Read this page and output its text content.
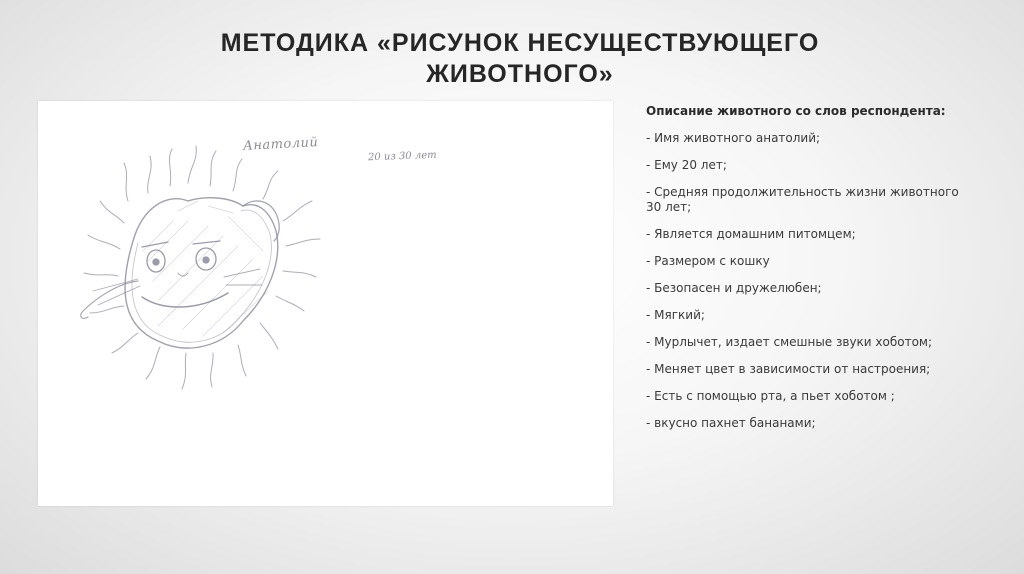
МЕТОДИКА «РИСУНОК НЕСУЩЕСТВУЮЩЕГО
ЖИВОТНОГО»
Анатолий
20 из 30 лет
Описание животного со слов респондента:
- Имя животного анатолий;
- Ему 20 лет;
- Средняя продолжительность жизни животного 30 лет;
- Является домашним питомцем;
- Размером с кошку
- Безопасен и дружелюбен;
- Мягкий;
- Мурлычет, издает смешные звуки хоботом;
- Меняет цвет в зависимости от настроения;
- Есть с помощью рта, а пьет хоботом ;
- вкусно пахнет бананами;
